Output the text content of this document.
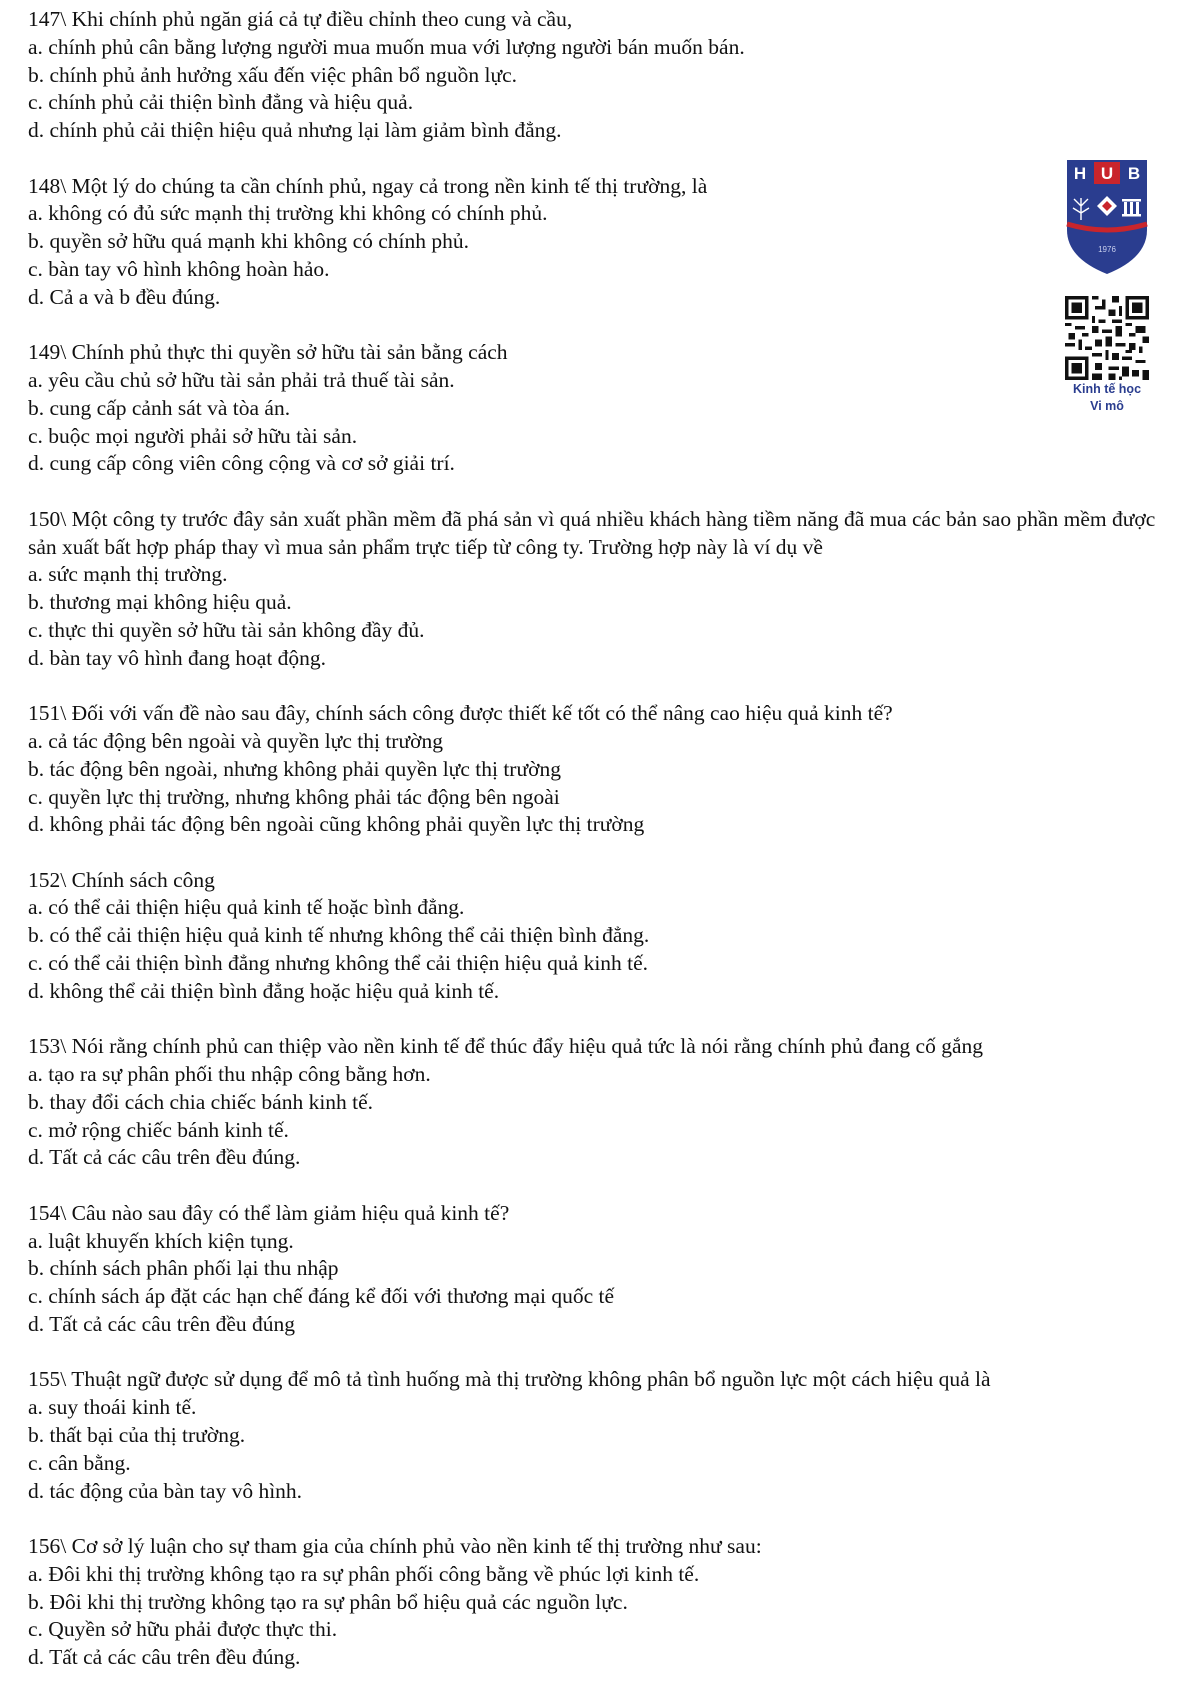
147\ Khi chính phủ ngăn giá cả tự điều chỉnh theo cung và cầu,

a. chính phủ cân bằng lượng người mua muốn mua với lượng người bán muốn bán.

b. chính phủ ảnh hưởng xấu đến việc phân bổ nguồn lực.

c. chính phủ cải thiện bình đẳng và hiệu quả.

d. chính phủ cải thiện hiệu quả nhưng lại làm giảm bình đẳng.

148\ Một lý do chúng ta cần chính phủ, ngay cả trong nền kinh tế thị trường, là

a. không có đủ sức mạnh thị trường khi không có chính phủ.

b. quyền sở hữu quá mạnh khi không có chính phủ.

c. bàn tay vô hình không hoàn hảo.

d. Cả a và b đều đúng.

149\ Chính phủ thực thi quyền sở hữu tài sản bằng cách

a. yêu cầu chủ sở hữu tài sản phải trả thuế tài sản.

b. cung cấp cảnh sát và tòa án.

c. buộc mọi người phải sở hữu tài sản.

d. cung cấp công viên công cộng và cơ sở giải trí.

150\ Một công ty trước đây sản xuất phần mềm đã phá sản vì quá nhiều khách hàng tiềm năng đã mua các bản sao phần mềm được sản xuất bất hợp pháp thay vì mua sản phẩm trực tiếp từ công ty. Trường hợp này là ví dụ về

a. sức mạnh thị trường.

b. thương mại không hiệu quả.

c. thực thi quyền sở hữu tài sản không đầy đủ.

d. bàn tay vô hình đang hoạt động.

151\ Đối với vấn đề nào sau đây, chính sách công được thiết kế tốt có thể nâng cao hiệu quả kinh tế?

a. cả tác động bên ngoài và quyền lực thị trường

b. tác động bên ngoài, nhưng không phải quyền lực thị trường

c. quyền lực thị trường, nhưng không phải tác động bên ngoài

d. không phải tác động bên ngoài cũng không phải quyền lực thị trường

152\ Chính sách công

a. có thể cải thiện hiệu quả kinh tế hoặc bình đẳng.

b. có thể cải thiện hiệu quả kinh tế nhưng không thể cải thiện bình đẳng.

c. có thể cải thiện bình đẳng nhưng không thể cải thiện hiệu quả kinh tế.

d. không thể cải thiện bình đẳng hoặc hiệu quả kinh tế.

153\ Nói rằng chính phủ can thiệp vào nền kinh tế để thúc đẩy hiệu quả tức là nói rằng chính phủ đang cố gắng

a. tạo ra sự phân phối thu nhập công bằng hơn.

b. thay đổi cách chia chiếc bánh kinh tế.

c. mở rộng chiếc bánh kinh tế.

d. Tất cả các câu trên đều đúng.

154\ Câu nào sau đây có thể làm giảm hiệu quả kinh tế?

a. luật khuyến khích kiện tụng.

b. chính sách phân phối lại thu nhập

c. chính sách áp đặt các hạn chế đáng kể đối với thương mại quốc tế

d. Tất cả các câu trên đều đúng

155\ Thuật ngữ được sử dụng để mô tả tình huống mà thị trường không phân bổ nguồn lực một cách hiệu quả là

a. suy thoái kinh tế.

b. thất bại của thị trường.

c. cân bằng.

d. tác động của bàn tay vô hình.

156\ Cơ sở lý luận cho sự tham gia của chính phủ vào nền kinh tế thị trường như sau:

a. Đôi khi thị trường không tạo ra sự phân phối công bằng về phúc lợi kinh tế.

b. Đôi khi thị trường không tạo ra sự phân bổ hiệu quả các nguồn lực.

c. Quyền sở hữu phải được thực thi.

d. Tất cả các câu trên đều đúng.

H U B
1976
Kinh tế học
Vi mô
